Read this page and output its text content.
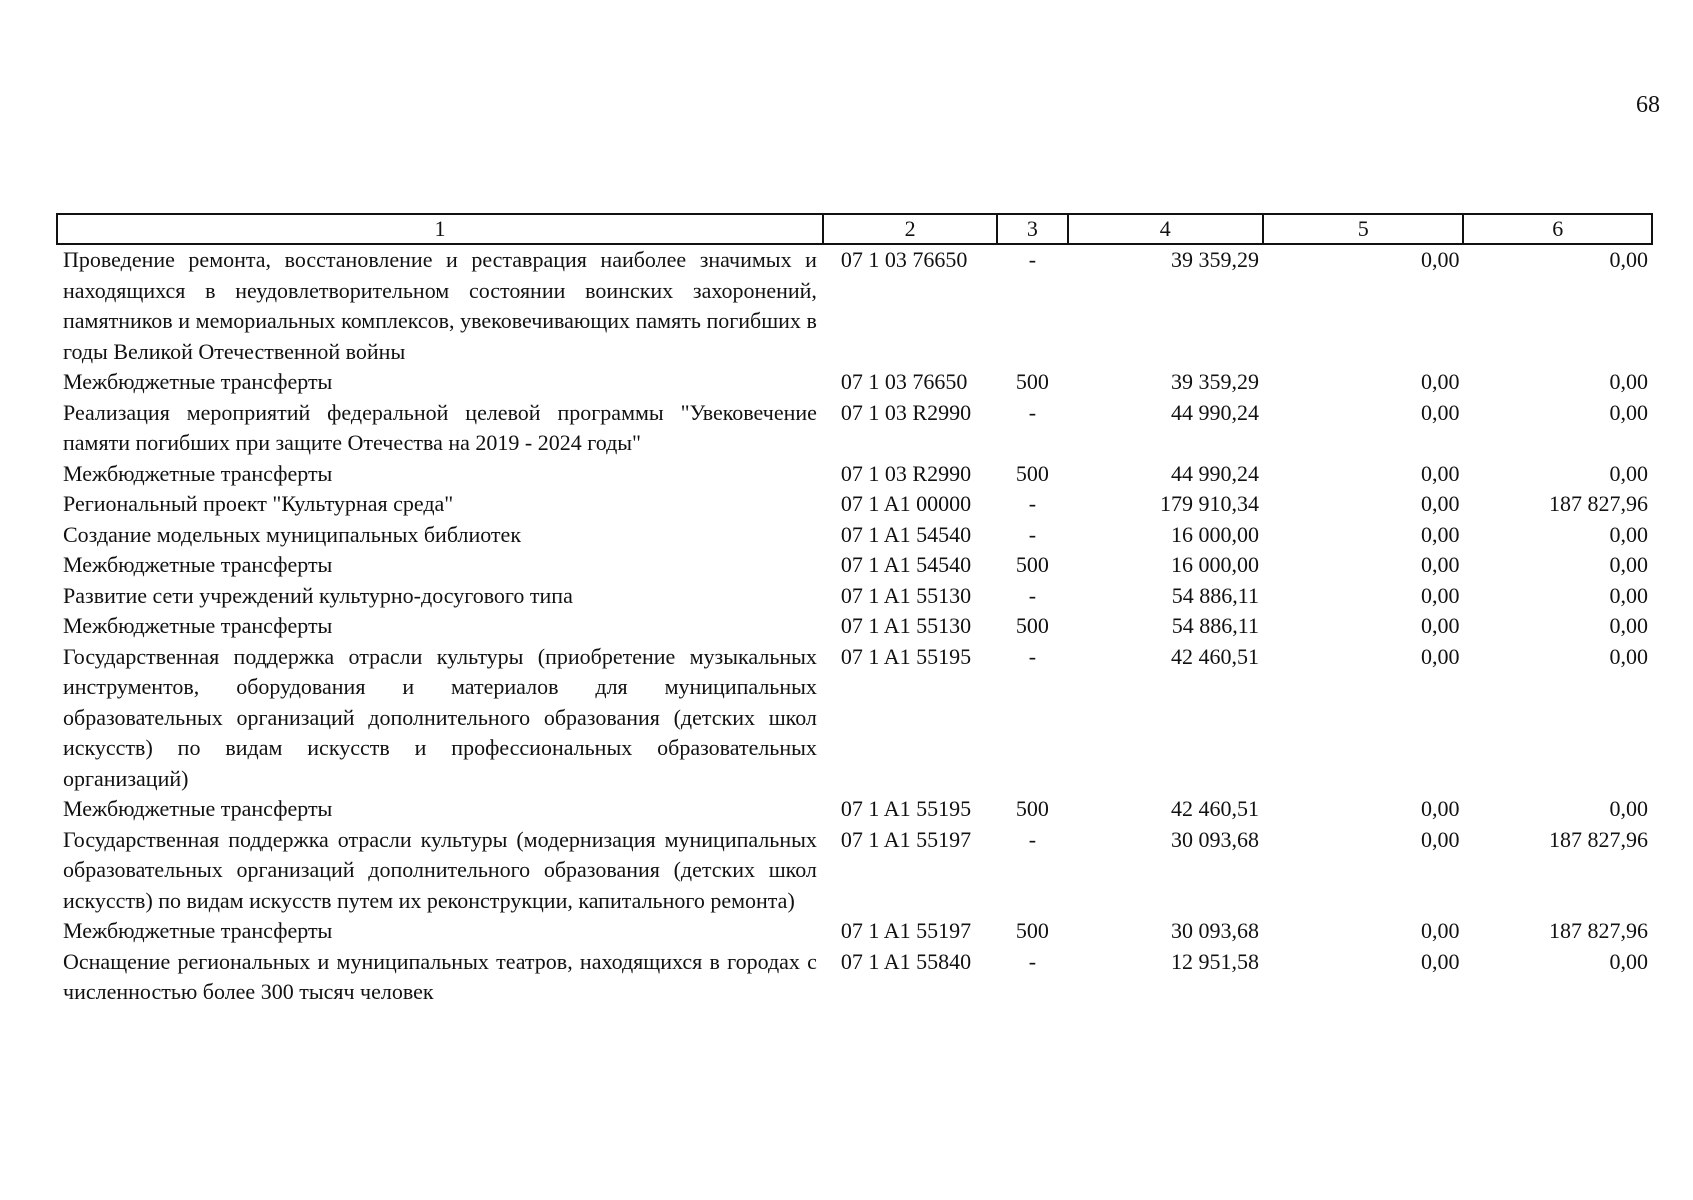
68
1	2	3	4	5	6
Проведение ремонта, восстановление и реставрация наиболее значимых и находящихся в неудовлетворительном состоянии воинских захоронений, памятников и мемориальных комплексов, увековечивающих память погибших в годы Великой Отечественной войны	07 1 03 76650	-	39 359,29	0,00	0,00
Межбюджетные трансферты	07 1 03 76650	500	39 359,29	0,00	0,00
Реализация мероприятий федеральной целевой программы "Увековечение памяти погибших при защите Отечества на 2019 - 2024 годы"	07 1 03 R2990	-	44 990,24	0,00	0,00
Межбюджетные трансферты	07 1 03 R2990	500	44 990,24	0,00	0,00
Региональный проект "Культурная среда"	07 1 A1 00000	-	179 910,34	0,00	187 827,96
Создание модельных муниципальных библиотек	07 1 A1 54540	-	16 000,00	0,00	0,00
Межбюджетные трансферты	07 1 A1 54540	500	16 000,00	0,00	0,00
Развитие сети учреждений культурно-досугового типа	07 1 A1 55130	-	54 886,11	0,00	0,00
Межбюджетные трансферты	07 1 A1 55130	500	54 886,11	0,00	0,00
Государственная поддержка отрасли культуры (приобретение музыкальных инструментов, оборудования и материалов для муниципальных образовательных организаций дополнительного образования (детских школ искусств) по видам искусств и профессиональных образовательных организаций)	07 1 A1 55195	-	42 460,51	0,00	0,00
Межбюджетные трансферты	07 1 A1 55195	500	42 460,51	0,00	0,00
Государственная поддержка отрасли культуры (модернизация муниципальных образовательных организаций дополнительного образования (детских школ искусств) по видам искусств путем их реконструкции, капитального ремонта)	07 1 A1 55197	-	30 093,68	0,00	187 827,96
Межбюджетные трансферты	07 1 A1 55197	500	30 093,68	0,00	187 827,96
Оснащение региональных и муниципальных театров, находящихся в городах с численностью более 300 тысяч человек	07 1 A1 55840	-	12 951,58	0,00	0,00
